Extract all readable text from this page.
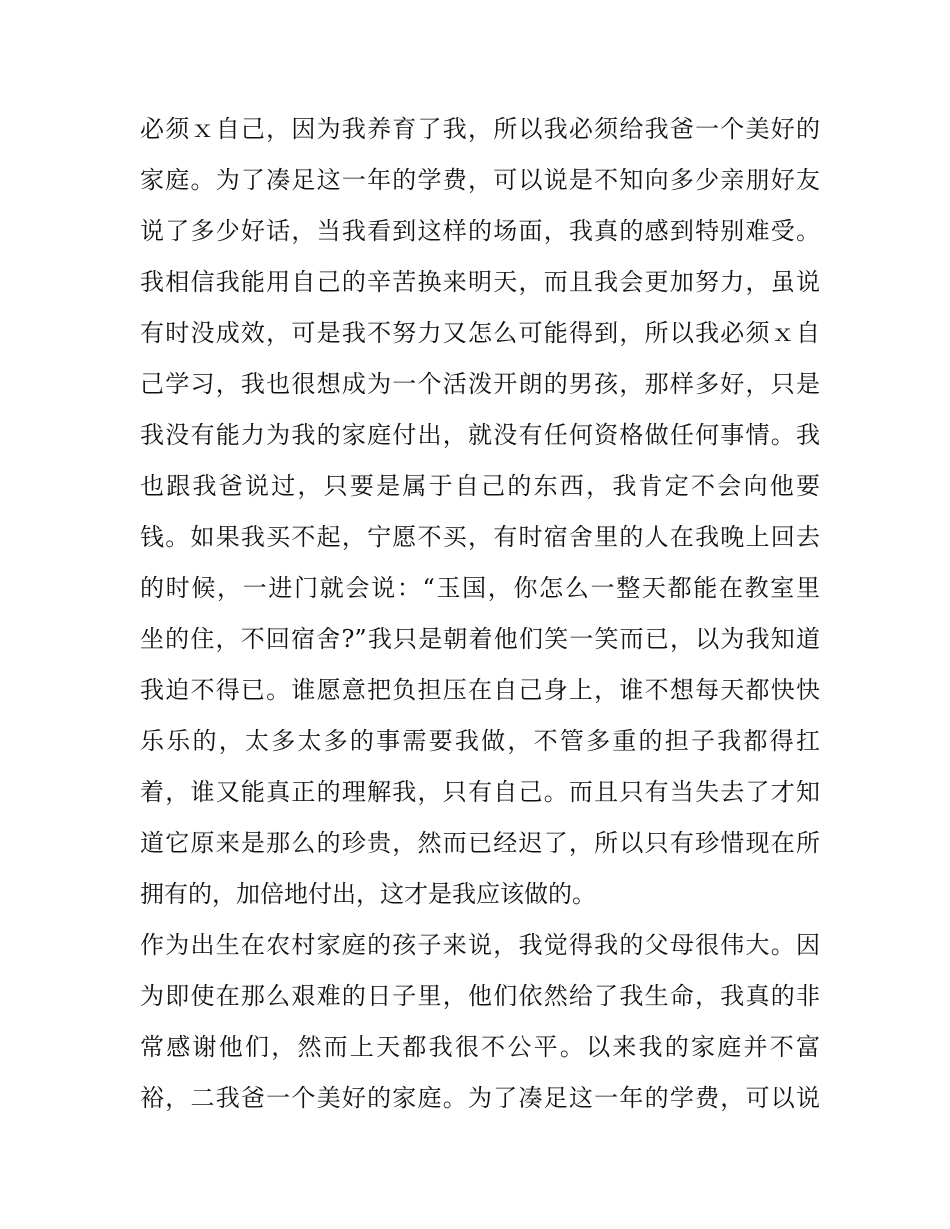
必须ｘ自己，因为我养育了我，所以我必须给我爸一个美好的
家庭。为了凑足这一年的学费，可以说是不知向多少亲朋好友
说了多少好话，当我看到这样的场面，我真的感到特别难受。
我相信我能用自己的辛苦换来明天，而且我会更加努力，虽说
有时没成效，可是我不努力又怎么可能得到，所以我必须ｘ自
己学习，我也很想成为一个活泼开朗的男孩，那样多好，只是
我没有能力为我的家庭付出，就没有任何资格做任何事情。我
也跟我爸说过，只要是属于自己的东西，我肯定不会向他要
钱。如果我买不起，宁愿不买，有时宿舍里的人在我晚上回去
的时候，一进门就会说：“玉国，你怎么一整天都能在教室里
坐的住，不回宿舍?”我只是朝着他们笑一笑而已，以为我知道
我迫不得已。谁愿意把负担压在自己身上，谁不想每天都快快
乐乐的，太多太多的事需要我做，不管多重的担子我都得扛
着，谁又能真正的理解我，只有自己。而且只有当失去了才知
道它原来是那么的珍贵，然而已经迟了，所以只有珍惜现在所
拥有的，加倍地付出，这才是我应该做的。
作为出生在农村家庭的孩子来说，我觉得我的父母很伟大。因
为即使在那么艰难的日子里，他们依然给了我生命，我真的非
常感谢他们，然而上天都我很不公平。以来我的家庭并不富
裕，二我爸一个美好的家庭。为了凑足这一年的学费，可以说
